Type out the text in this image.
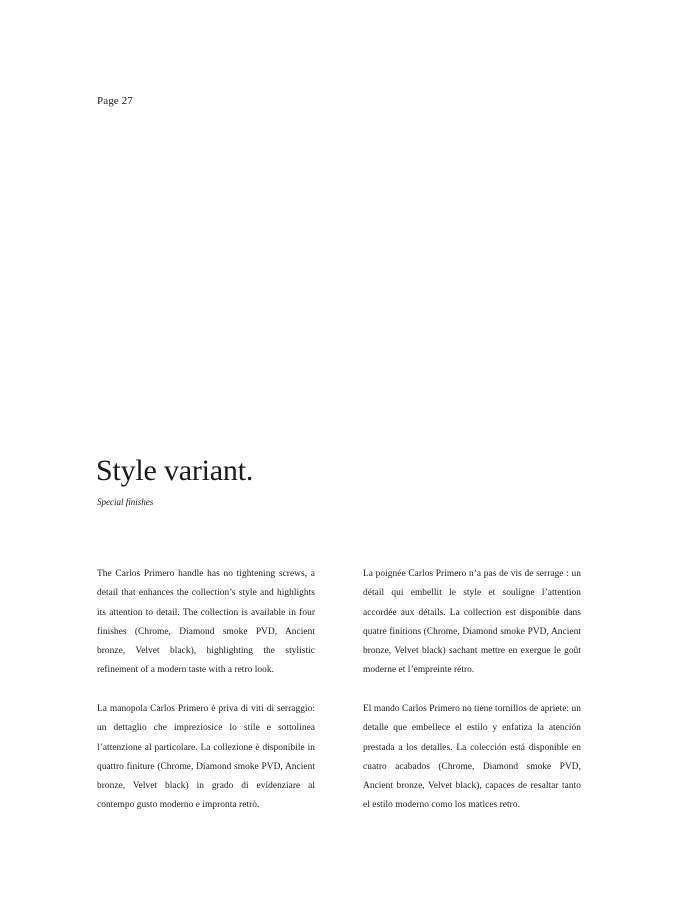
Page 27
Style variant.
Special finishes

The Carlos Primero handle has no tightening screws, a detail that enhances the collection’s style and highlights its attention to detail. The collection is available in four finishes (Chrome, Diamond smoke PVD, Ancient bronze, Velvet black), highlighting the stylistic refinement of a modern taste with a retro look.

La poignée Carlos Primero n’a pas de vis de serrage : un détail qui embellit le style et souligne l’attention accordée aux détails. La collection est disponible dans quatre finitions (Chrome, Diamond smoke PVD, Ancient bronze, Velvet black) sachant mettre en exergue le goût moderne et l’empreinte rétro.

La manopola Carlos Primero è priva di viti di serraggio: un dettaglio che impreziosice lo stile e sottolinea l’attenzione al particolare. La collezione è disponibile in quattro finiture (Chrome, Diamond smoke PVD, Ancient bronze, Velvet black) in grado di evidenziare al contempo gusto moderno e impronta retrò.

El mando Carlos Primero no tiene tornillos de apriete: un detalle que embellece el estilo y enfatiza la atención prestada a los detalles. La colección está disponible en cuatro acabados (Chrome, Diamond smoke PVD, Ancient bronze, Velvet black), capaces de resaltar tanto el estilo moderno como los matices retro.
